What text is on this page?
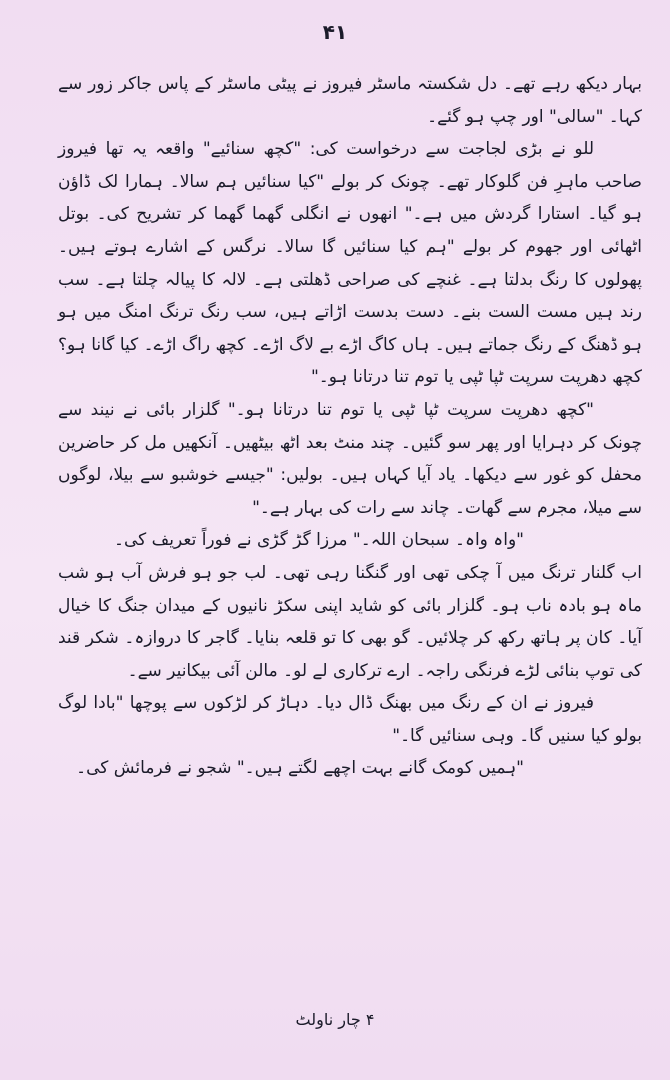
۴۱

بہار دیکھ رہے تھے۔ دل شکستہ ماسٹر فیروز نے پیٹی ماسٹر کے پاس جاکر زور سے کہا۔ "سالی" اور چپ ہو گئے۔

للو نے بڑی لجاجت سے درخواست کی: "کچھ سنائیے" واقعہ یہ تھا فیروز صاحب ماہرِ فن گلوکار تھے۔ چونک کر بولے "کیا سنائیں ہم سالا۔ ہمارا لک ڈاؤن ہو گیا۔ استارا گردش میں ہے۔" انھوں نے انگلی گھما گھما کر تشریح کی۔ بوتل اٹھائی اور جھوم کر بولے "ہم کیا سنائیں گا سالا۔ نرگس کے اشارے ہوتے ہیں۔ پھولوں کا رنگ بدلتا ہے۔ غنچے کی صراحی ڈھلتی ہے۔ لالہ کا پیالہ چلتا ہے۔ سب رند ہیں مست الست بنے۔ دست بدست اڑاتے ہیں، سب رنگ ترنگ امنگ میں ہو ہو ڈھنگ کے رنگ جماتے ہیں۔ ہاں کاگ اڑے بے لاگ اڑے۔ کچھ راگ اڑے۔ کیا گانا ہو؟ کچھ دھرپت سرپت ٹپا ٹپی یا توم تنا درتانا ہو۔"

"کچھ دھرپت سرپت ٹپا ٹپی یا توم تنا درتانا ہو۔" گلزار بائی نے نیند سے چونک کر دہرایا اور پھر سو گئیں۔ چند منٹ بعد اٹھ بیٹھیں۔ آنکھیں مل کر حاضرین محفل کو غور سے دیکھا۔ یاد آیا کہاں ہیں۔ بولیں: "جیسے خوشبو سے بیلا، لوگوں سے میلا، مجرم سے گھات۔ چاند سے رات کی بہار ہے۔"

"واہ واہ۔ سبحان اللہ۔" مرزا گڑ گڑی نے فوراً تعریف کی۔

اب گلنار ترنگ میں آ چکی تھی اور گنگنا رہی تھی۔ لب جو ہو فرش آب ہو شب ماہ ہو بادہ ناب ہو۔ گلزار بائی کو شاید اپنی سکڑ نانیوں کے میدان جنگ کا خیال آیا۔ کان پر ہاتھ رکھ کر چلائیں۔ گو بھی کا تو قلعہ بنایا۔ گاجر کا دروازہ۔ شکر قند کی توپ بنائی لڑے فرنگی راجہ۔ ارے ترکاری لے لو۔ مالن آئی بیکانیر سے۔

فیروز نے ان کے رنگ میں بھنگ ڈال دیا۔ دہاڑ کر لڑکوں سے پوچھا "بادا لوگ بولو کیا سنیں گا۔ وہی سنائیں گا۔"

"ہمیں کومک گانے بہت اچھے لگتے ہیں۔" شجو نے فرمائش کی۔

۴ چار ناولٹ
